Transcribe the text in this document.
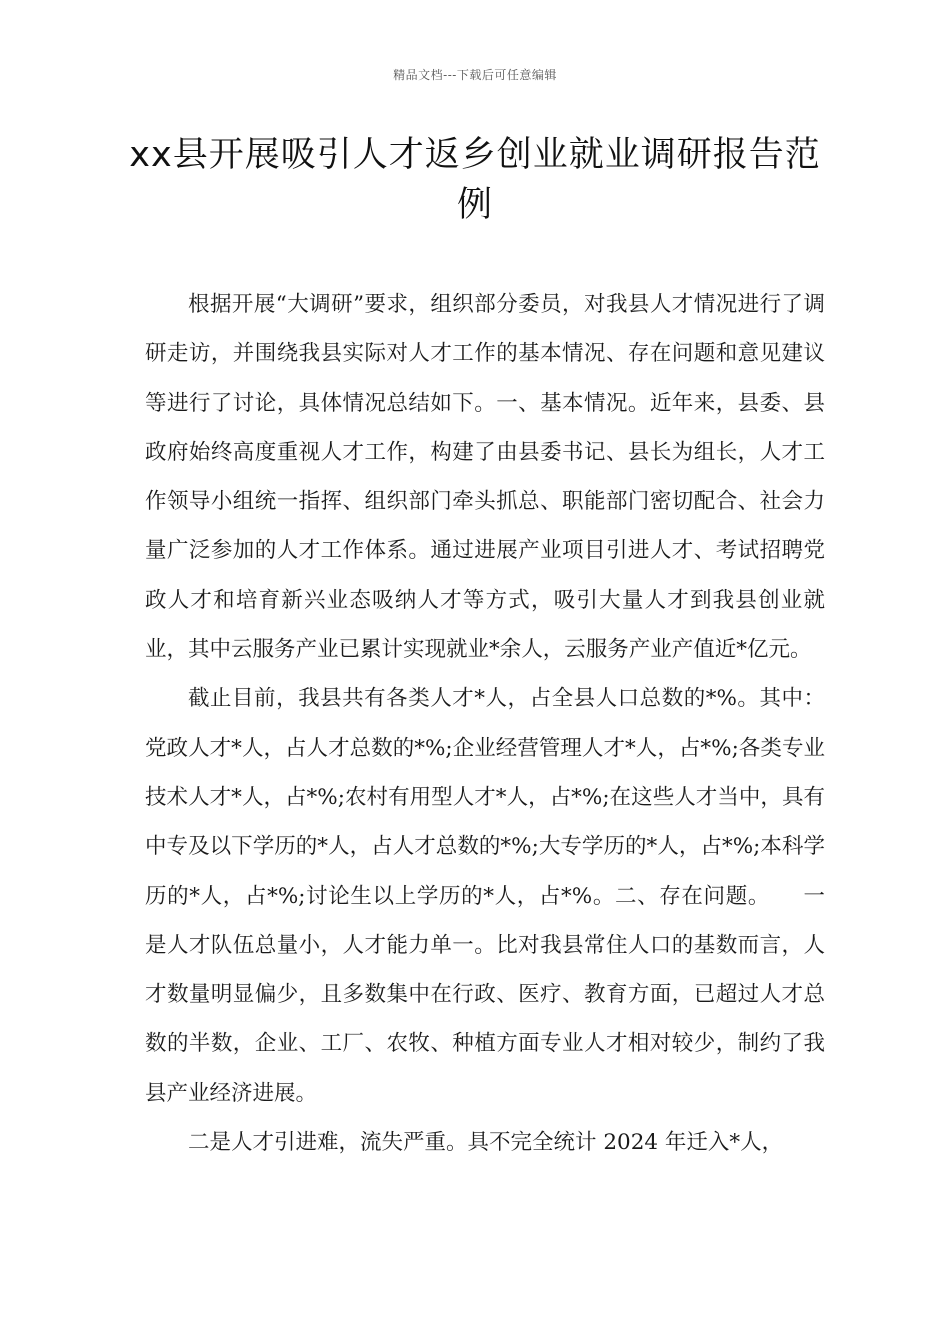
精品文档---下载后可任意编辑
xx县开展吸引人才返乡创业就业调研报告范例

根据开展“大调研”要求，组织部分委员，对我县人才情况进行了调研走访，并围绕我县实际对人才工作的基本情况、存在问题和意见建议等进行了讨论，具体情况总结如下。一、基本情况。近年来，县委、县政府始终高度重视人才工作，构建了由县委书记、县长为组长，人才工作领导小组统一指挥、组织部门牵头抓总、职能部门密切配合、社会力量广泛参加的人才工作体系。通过进展产业项目引进人才、考试招聘党政人才和培育新兴业态吸纳人才等方式，吸引大量人才到我县创业就业，其中云服务产业已累计实现就业*余人，云服务产业产值近*亿元。

截止目前，我县共有各类人才*人，占全县人口总数的*%。其中：党政人才*人，占人才总数的*%;企业经营管理人才*人，占*%;各类专业技术人才*人，占*%;农村有用型人才*人，占*%;在这些人才当中，具有中专及以下学历的*人，占人才总数的*%;大专学历的*人，占*%;本科学历的*人，占*%;讨论生以上学历的*人，占*%。二、存在问题。　　一是人才队伍总量小，人才能力单一。比对我县常住人口的基数而言，人才数量明显偏少，且多数集中在行政、医疗、教育方面，已超过人才总数的半数，企业、工厂、农牧、种植方面专业人才相对较少，制约了我县产业经济进展。

二是人才引进难，流失严重。具不完全统计 2024 年迁入*人，
